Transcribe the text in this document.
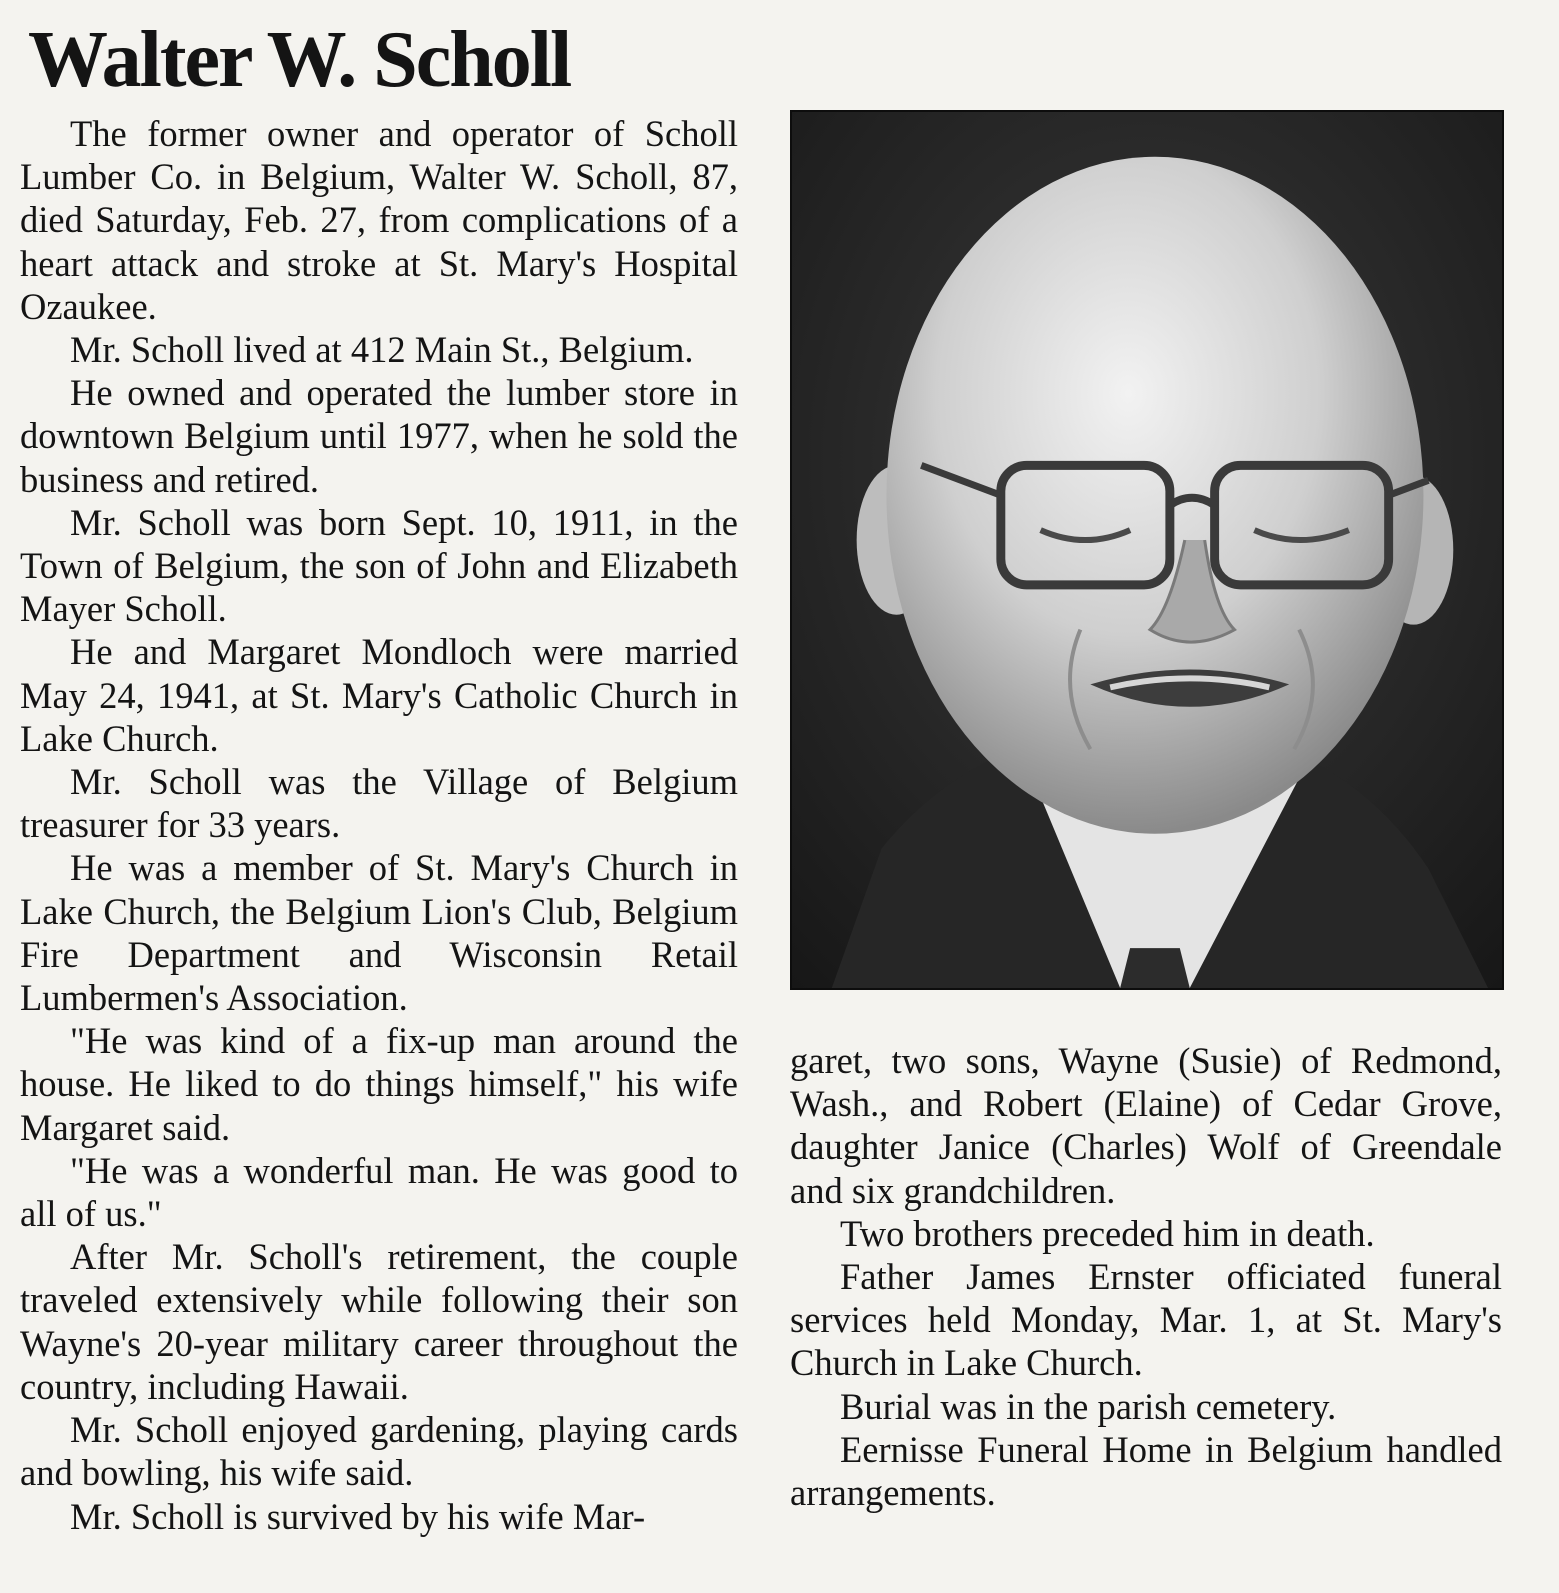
Walter W. Scholl

The former owner and operator of Scholl Lumber Co. in Belgium, Walter W. Scholl, 87, died Saturday, Feb. 27, from complications of a heart attack and stroke at St. Mary's Hospital Ozaukee.

Mr. Scholl lived at 412 Main St., Belgium.

He owned and operated the lumber store in downtown Belgium until 1977, when he sold the business and retired.

Mr. Scholl was born Sept. 10, 1911, in the Town of Belgium, the son of John and Elizabeth Mayer Scholl.

He and Margaret Mondloch were married May 24, 1941, at St. Mary's Catholic Church in Lake Church.

Mr. Scholl was the Village of Belgium treasurer for 33 years.

He was a member of St. Mary's Church in Lake Church, the Belgium Lion's Club, Belgium Fire Department and Wisconsin Retail Lumbermen's Association.

"He was kind of a fix-up man around the house. He liked to do things himself," his wife Margaret said.

"He was a wonderful man. He was good to all of us."

After Mr. Scholl's retirement, the couple traveled extensively while following their son Wayne's 20-year military career throughout the country, including Hawaii.

Mr. Scholl enjoyed gardening, playing cards and bowling, his wife said.

Mr. Scholl is survived by his wife Mar-

garet, two sons, Wayne (Susie) of Redmond, Wash., and Robert (Elaine) of Cedar Grove, daughter Janice (Charles) Wolf of Greendale and six grandchildren.

Two brothers preceded him in death.

Father James Ernster officiated funeral services held Monday, Mar. 1, at St. Mary's Church in Lake Church.

Burial was in the parish cemetery.

Eernisse Funeral Home in Belgium handled arrangements.
